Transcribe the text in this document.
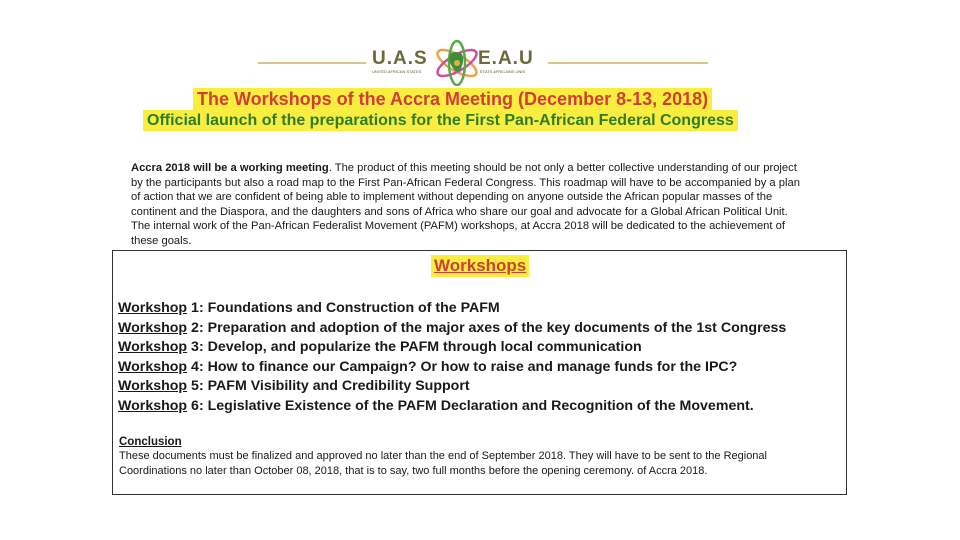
U.A.S
UNITED AFRICAN STATES
E.A.U
ÉTATS AFRICAINS UNIS
The Workshops of the Accra Meeting (December 8-13, 2018)
Official launch of the preparations for the First Pan-African Federal Congress

Accra 2018 will be a working meeting. The product of this meeting should be not only a better collective understanding of our project by the participants but also a road map to the First Pan-African Federal Congress. This roadmap will have to be accompanied by a plan of action that we are confident of being able to implement without depending on anyone outside the African popular masses of the continent and the Diaspora, and the daughters and sons of Africa who share our goal and advocate for a Global African Political Unit. The internal work of the Pan-African Federalist Movement (PAFM) workshops, at Accra 2018 will be dedicated to the achievement of these goals.

Workshops
Workshop 1: Foundations and Construction of the PAFM
Workshop 2: Preparation and adoption of the major axes of the key documents of the 1st Congress
Workshop 3: Develop, and popularize the PAFM through local communication
Workshop 4: How to finance our Campaign? Or how to raise and manage funds for the IPC?
Workshop 5: PAFM Visibility and Credibility Support
Workshop 6: Legislative Existence of the PAFM Declaration and Recognition of the Movement.
Conclusion
These documents must be finalized and approved no later than the end of September 2018. They will have to be sent to the Regional Coordinations no later than October 08, 2018, that is to say, two full months before the opening ceremony. of Accra 2018.
